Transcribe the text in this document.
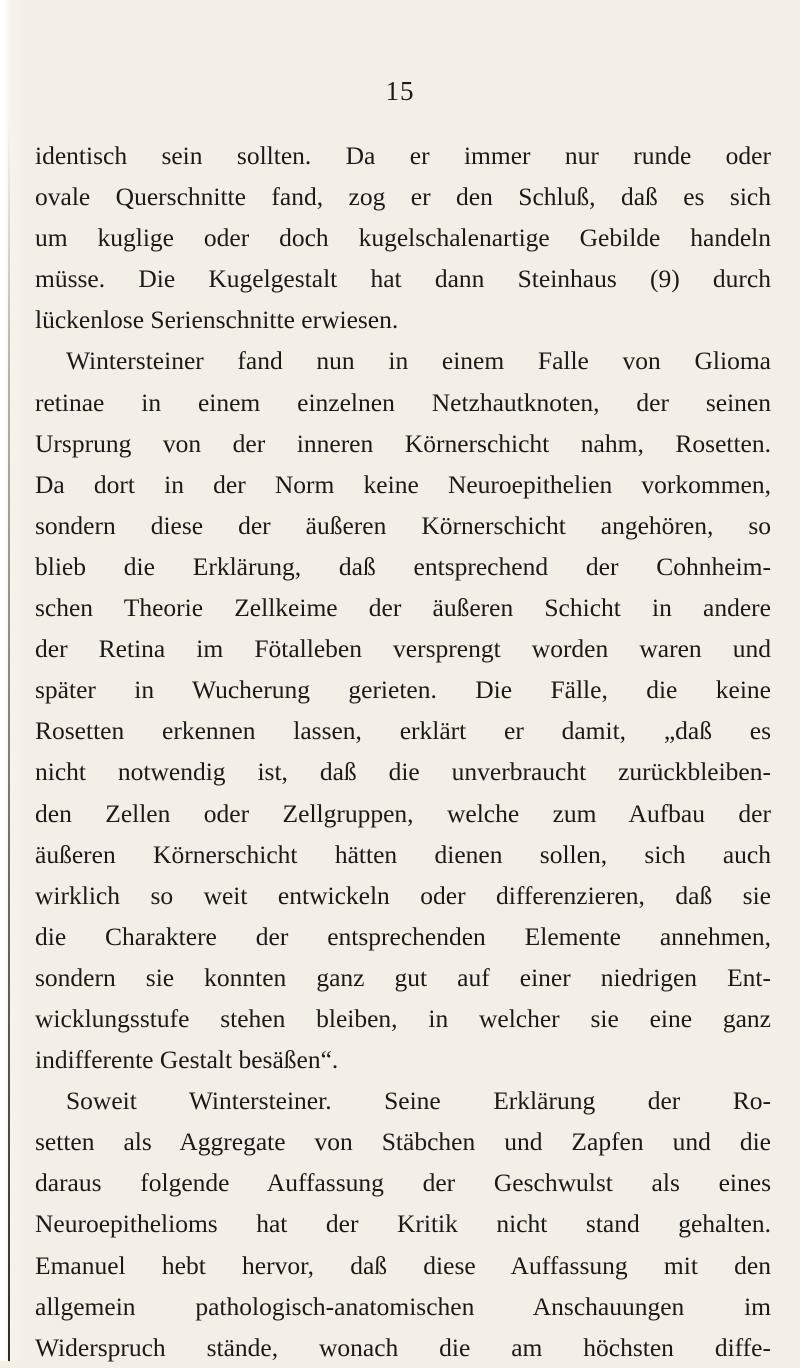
15
identisch sein sollten. Da er immer nur runde oder
ovale Querschnitte fand, zog er den Schluß, daß es sich
um kuglige oder doch kugelschalenartige Gebilde handeln
müsse. Die Kugelgestalt hat dann Steinhaus (9) durch
lückenlose Serienschnitte erwiesen.
Wintersteiner fand nun in einem Falle von Glioma
retinae in einem einzelnen Netzhautknoten, der seinen
Ursprung von der inneren Körnerschicht nahm, Rosetten.
Da dort in der Norm keine Neuroepithelien vorkommen,
sondern diese der äußeren Körnerschicht angehören, so
blieb die Erklärung, daß entsprechend der Cohnheim-
schen Theorie Zellkeime der äußeren Schicht in andere
der Retina im Fötalleben versprengt worden waren und
später in Wucherung gerieten. Die Fälle, die keine
Rosetten erkennen lassen, erklärt er damit, „daß es
nicht notwendig ist, daß die unverbraucht zurückbleiben-
den Zellen oder Zellgruppen, welche zum Aufbau der
äußeren Körnerschicht hätten dienen sollen, sich auch
wirklich so weit entwickeln oder differenzieren, daß sie
die Charaktere der entsprechenden Elemente annehmen,
sondern sie konnten ganz gut auf einer niedrigen Ent-
wicklungsstufe stehen bleiben, in welcher sie eine ganz
indifferente Gestalt besäßen“.
Soweit Wintersteiner. Seine Erklärung der Ro-
setten als Aggregate von Stäbchen und Zapfen und die
daraus folgende Auffassung der Geschwulst als eines
Neuroepithelioms hat der Kritik nicht stand gehalten.
Emanuel hebt hervor, daß diese Auffassung mit den
allgemein pathologisch-anatomischen Anschauungen im
Widerspruch stände, wonach die am höchsten diffe-
